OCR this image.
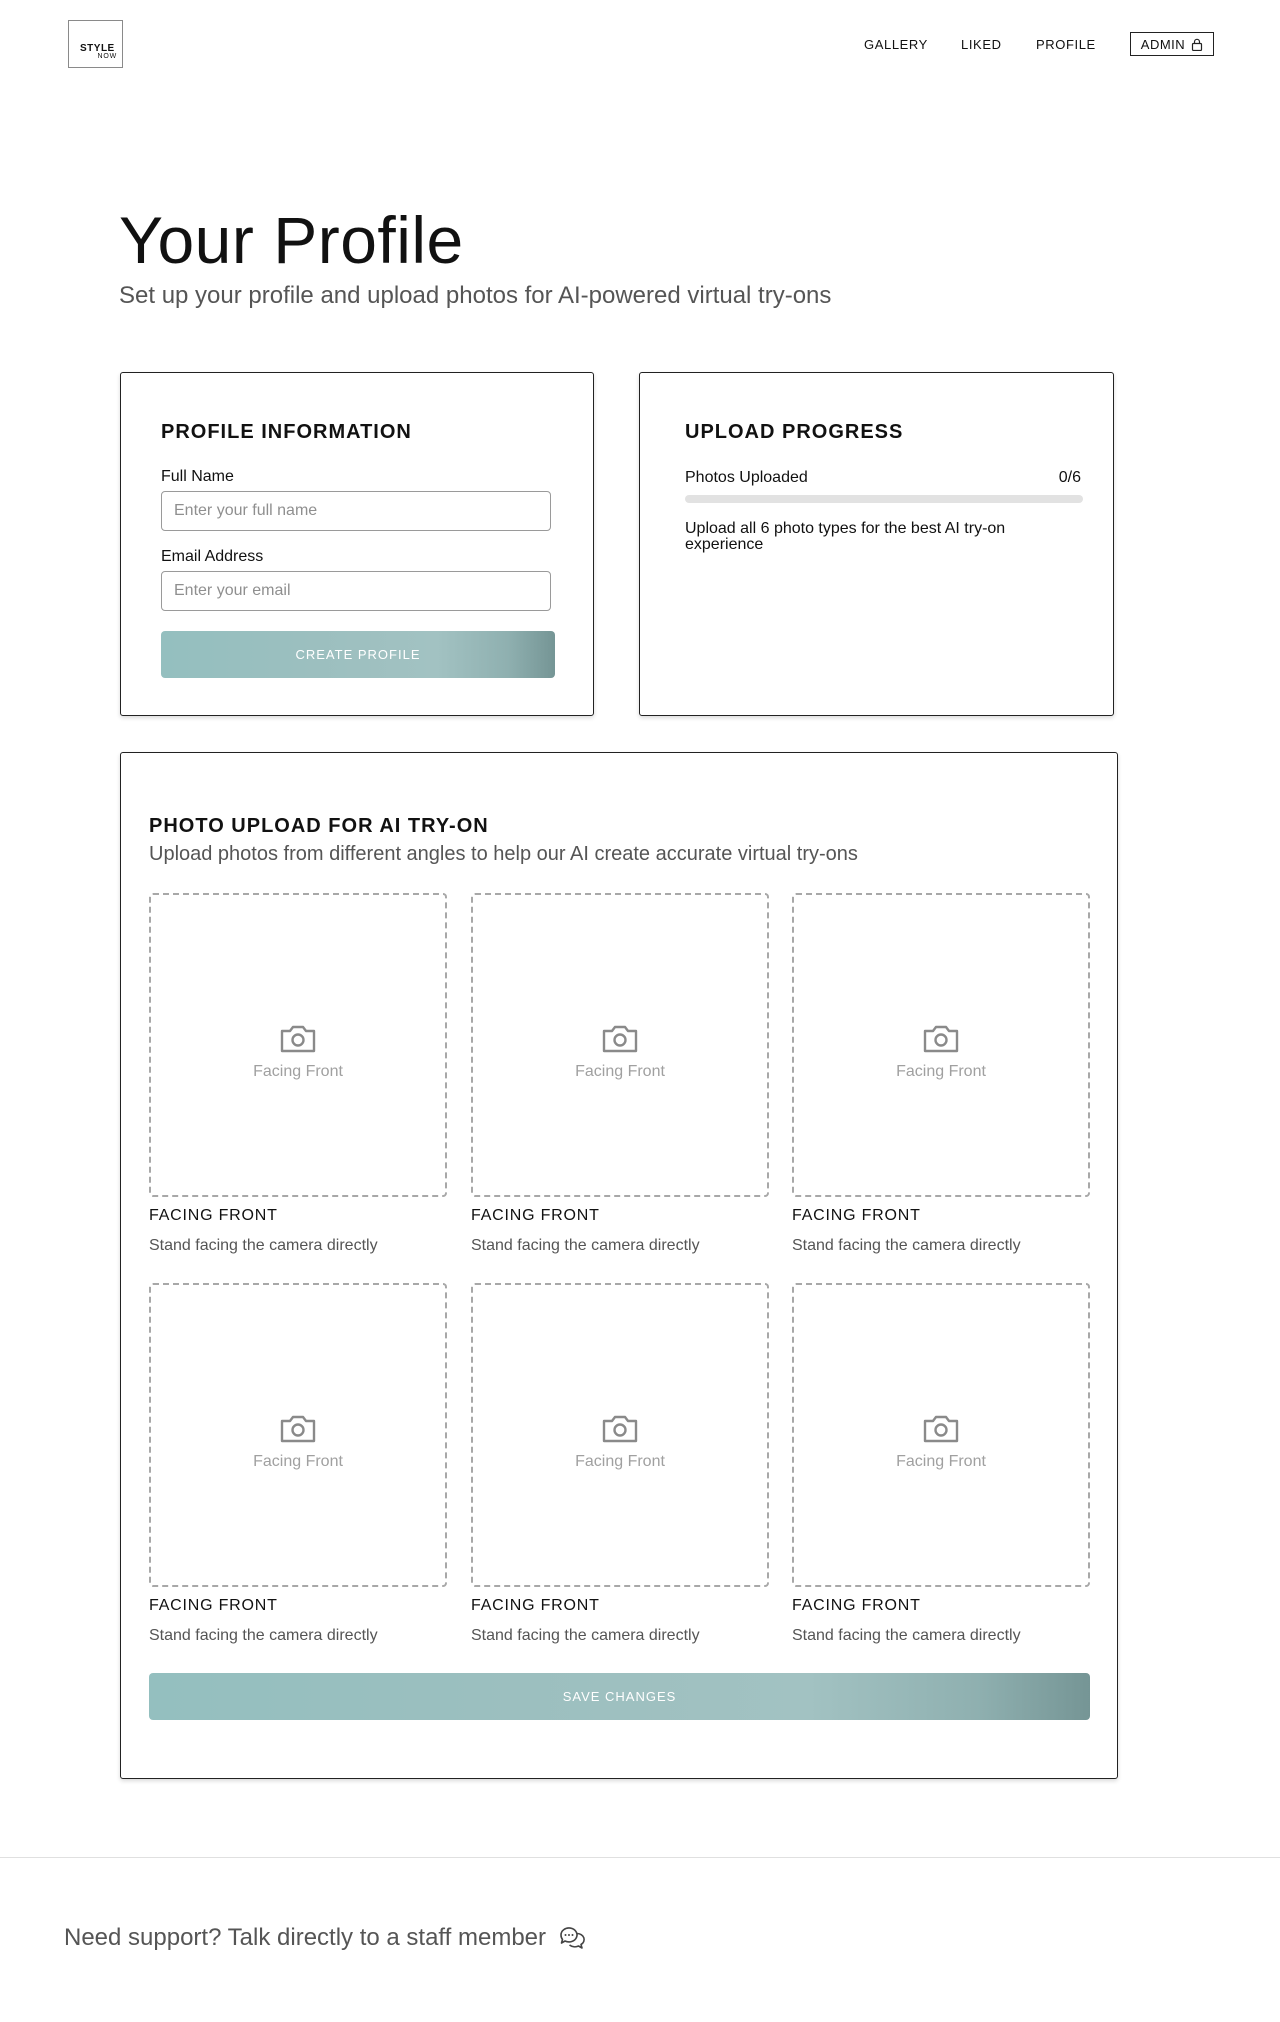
STYLE
NOW
GALLERY	LIKED	PROFILE	ADMIN
Your Profile

Set up your profile and upload photos for AI-powered virtual try-ons

PROFILE INFORMATION
Full Name
Enter your full name
Email Address
Enter your email
CREATE PROFILE
UPLOAD PROGRESS
Photos Uploaded	0/6

Upload all 6 photo types for the best AI try-on experience

PHOTO UPLOAD FOR AI TRY-ON

Upload photos from different angles to help our AI create accurate virtual try-ons

Facing Front
FACING FRONT
Stand facing the camera directly
Facing Front
FACING FRONT
Stand facing the camera directly
Facing Front
FACING FRONT
Stand facing the camera directly
Facing Front
FACING FRONT
Stand facing the camera directly
Facing Front
FACING FRONT
Stand facing the camera directly
Facing Front
FACING FRONT
Stand facing the camera directly
SAVE CHANGES
Need support? Talk directly to a staff member
